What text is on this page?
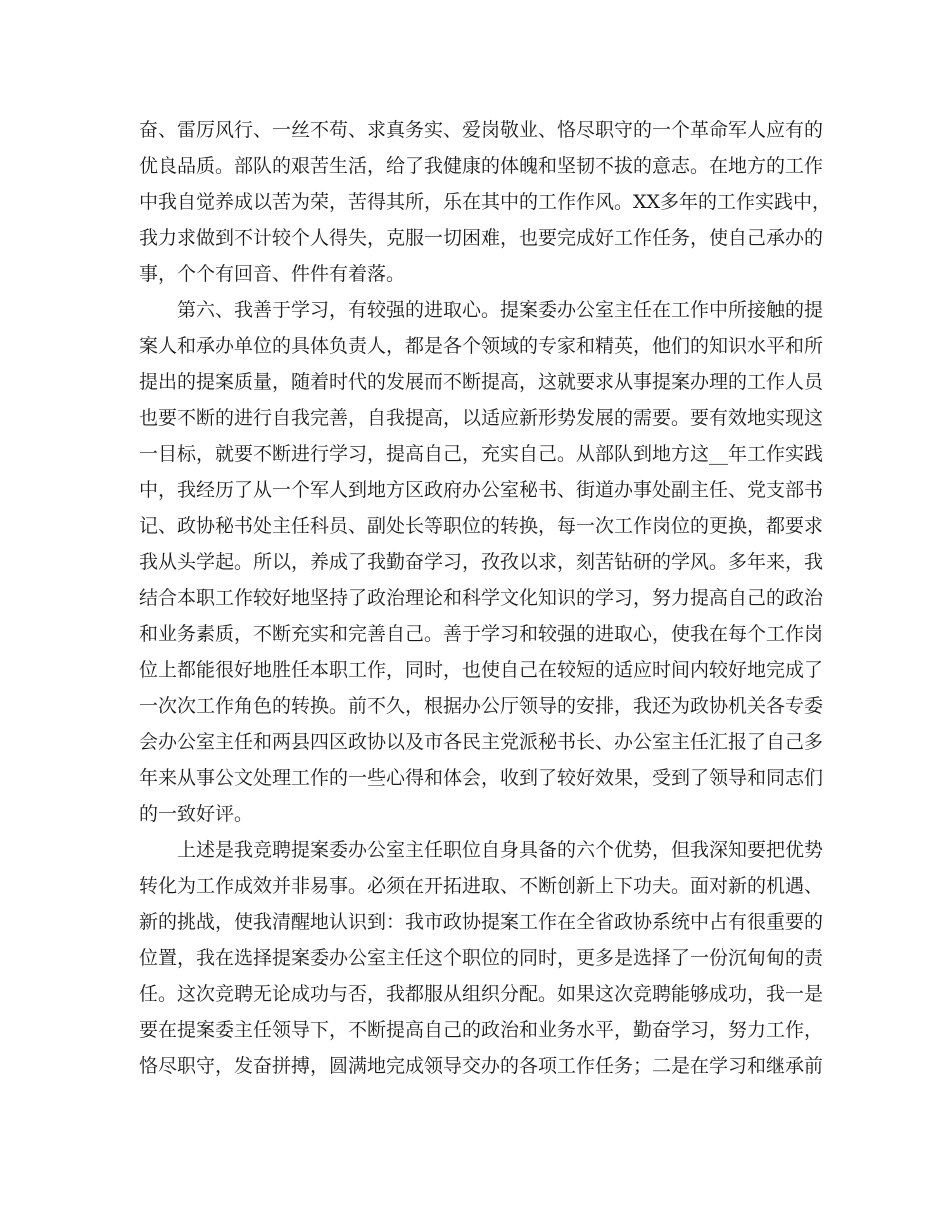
奋、雷厉风行、一丝不苟、求真务实、爱岗敬业、恪尽职守的一个革命军人应有的
优良品质。部队的艰苦生活，给了我健康的体魄和坚韧不拔的意志。在地方的工作
中我自觉养成以苦为荣，苦得其所，乐在其中的工作作风。XX多年的工作实践中，
我力求做到不计较个人得失，克服一切困难，也要完成好工作任务，使自己承办的
事，个个有回音、件件有着落。
第六、我善于学习，有较强的进取心。提案委办公室主任在工作中所接触的提
案人和承办单位的具体负责人，都是各个领域的专家和精英，他们的知识水平和所
提出的提案质量，随着时代的发展而不断提高，这就要求从事提案办理的工作人员
也要不断的进行自我完善，自我提高，以适应新形势发展的需要。要有效地实现这
一目标，就要不断进行学习，提高自己，充实自己。从部队到地方这__年工作实践
中，我经历了从一个军人到地方区政府办公室秘书、街道办事处副主任、党支部书
记、政协秘书处主任科员、副处长等职位的转换，每一次工作岗位的更换，都要求
我从头学起。所以，养成了我勤奋学习，孜孜以求，刻苦钻研的学风。多年来，我
结合本职工作较好地坚持了政治理论和科学文化知识的学习，努力提高自己的政治
和业务素质，不断充实和完善自己。善于学习和较强的进取心，使我在每个工作岗
位上都能很好地胜任本职工作，同时，也使自己在较短的适应时间内较好地完成了
一次次工作角色的转换。前不久，根据办公厅领导的安排，我还为政协机关各专委
会办公室主任和两县四区政协以及市各民主党派秘书长、办公室主任汇报了自己多
年来从事公文处理工作的一些心得和体会，收到了较好效果，受到了领导和同志们
的一致好评。
上述是我竞聘提案委办公室主任职位自身具备的六个优势，但我深知要把优势
转化为工作成效并非易事。必须在开拓进取、不断创新上下功夫。面对新的机遇、
新的挑战，使我清醒地认识到：我市政协提案工作在全省政协系统中占有很重要的
位置，我在选择提案委办公室主任这个职位的同时，更多是选择了一份沉甸甸的责
任。这次竞聘无论成功与否，我都服从组织分配。如果这次竞聘能够成功，我一是
要在提案委主任领导下，不断提高自己的政治和业务水平，勤奋学习，努力工作，
恪尽职守，发奋拼搏，圆满地完成领导交办的各项工作任务；二是在学习和继承前
